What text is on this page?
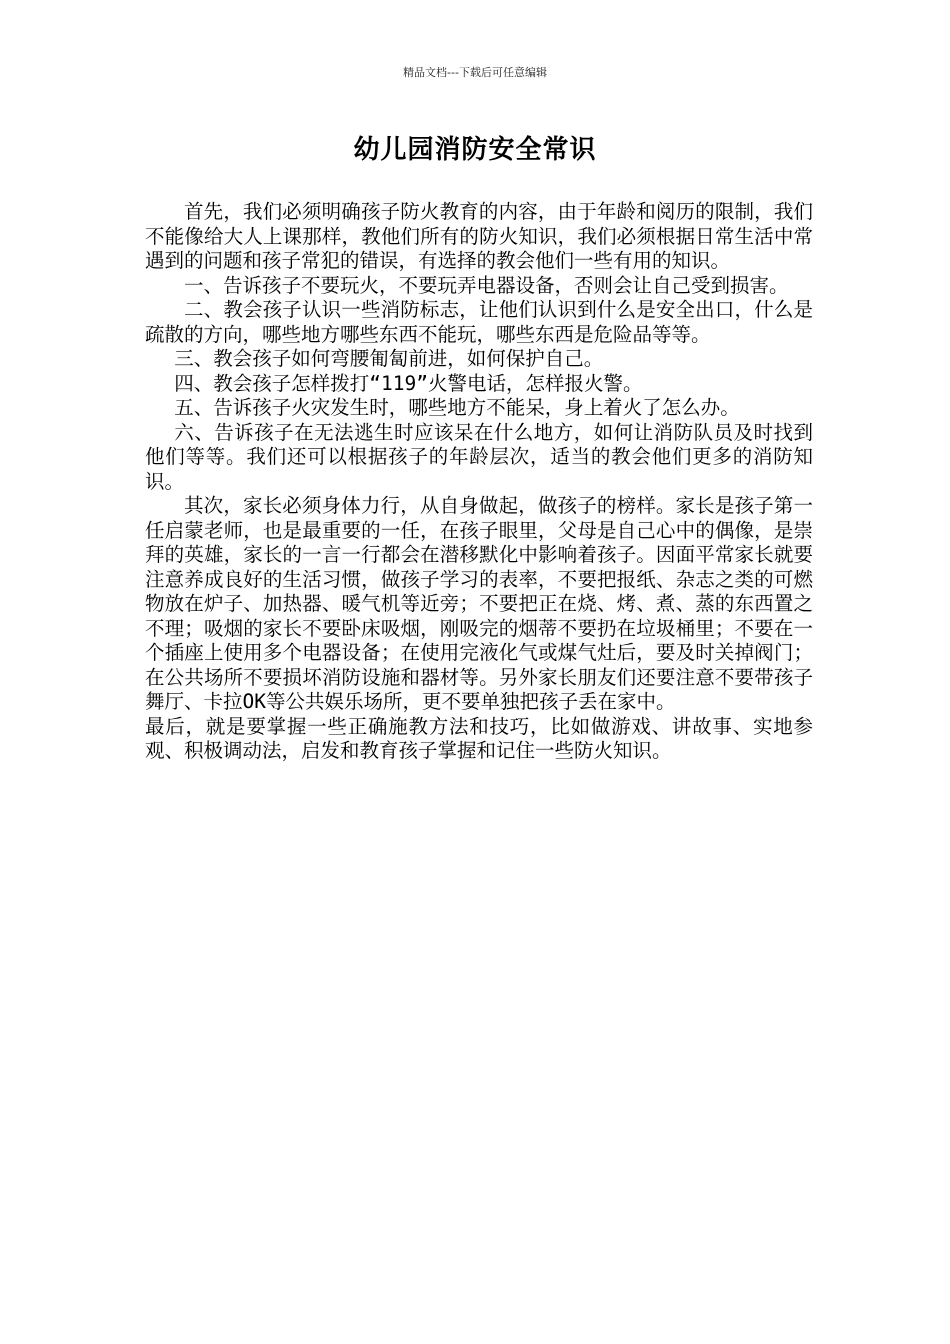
精品文档---下载后可任意编辑
幼儿园消防安全常识

首先，我们必须明确孩子防火教育的内容，由于年龄和阅历的限制，我们不能像给大人上课那样，教他们所有的防火知识，我们必须根据日常生活中常遇到的问题和孩子常犯的错误，有选择的教会他们一些有用的知识。

一、告诉孩子不要玩火，不要玩弄电器设备，否则会让自己受到损害。

二、教会孩子认识一些消防标志，让他们认识到什么是安全出口，什么是疏散的方向，哪些地方哪些东西不能玩，哪些东西是危险品等等。

三、教会孩子如何弯腰匍匐前进，如何保护自己。

四、教会孩子怎样拨打“119”火警电话，怎样报火警。

五、告诉孩子火灾发生时，哪些地方不能呆，身上着火了怎么办。

六、告诉孩子在无法逃生时应该呆在什么地方，如何让消防队员及时找到他们等等。我们还可以根据孩子的年龄层次，适当的教会他们更多的消防知识。

其次，家长必须身体力行，从自身做起，做孩子的榜样。家长是孩子第一任启蒙老师，也是最重要的一任，在孩子眼里，父母是自己心中的偶像，是崇拜的英雄，家长的一言一行都会在潜移默化中影响着孩子。因面平常家长就要注意养成良好的生活习惯，做孩子学习的表率，不要把报纸、杂志之类的可燃物放在炉子、加热器、暖气机等近旁；不要把正在烧、烤、煮、蒸的东西置之不理；吸烟的家长不要卧床吸烟，刚吸完的烟蒂不要扔在垃圾桶里；不要在一个插座上使用多个电器设备；在使用完液化气或煤气灶后，要及时关掉阀门；在公共场所不要损坏消防设施和器材等。另外家长朋友们还要注意不要带孩子舞厅、卡拉OK等公共娱乐场所，更不要单独把孩子丢在家中。

最后，就是要掌握一些正确施教方法和技巧，比如做游戏、讲故事、实地参观、积极调动法，启发和教育孩子掌握和记住一些防火知识。
